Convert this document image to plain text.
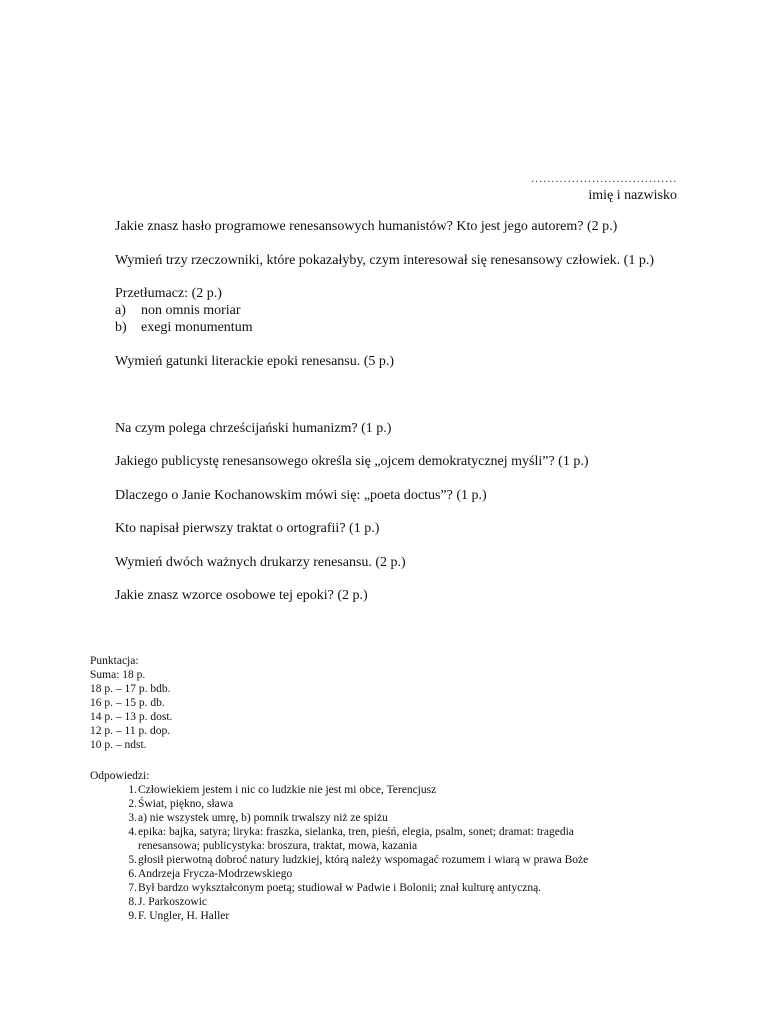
………………………………
imię i nazwisko

Jakie znasz hasło programowe renesansowych humanistów? Kto jest jego autorem? (2 p.)

Wymień trzy rzeczowniki, które pokazałyby, czym interesował się renesansowy człowiek. (1 p.)

Przetłumacz: (2 p.)
a) non omnis moriar
b) exegi monumentum

Wymień gatunki literackie epoki renesansu. (5 p.)

Na czym polega chrześcijański humanizm? (1 p.)

Jakiego publicystę renesansowego określa się „ojcem demokratycznej myśli”? (1 p.)

Dlaczego o Janie Kochanowskim mówi się: „poeta doctus”? (1 p.)

Kto napisał pierwszy traktat o ortografii? (1 p.)

Wymień dwóch ważnych drukarzy renesansu. (2 p.)

Jakie znasz wzorce osobowe tej epoki? (2 p.)

Punktacja:
Suma: 18 p.
18 p. – 17 p. bdb.
16 p. – 15 p. db.
14 p. – 13 p. dost.
12 p. – 11 p. dop.
10 p. – ndst.
Odpowiedzi:
1. Człowiekiem jestem i nic co ludzkie nie jest mi obce, Terencjusz
2. Świat, piękno, sława
3. a) nie wszystek umrę, b) pomnik trwalszy niż ze spiżu
4. epika: bajka, satyra; liryka: fraszka, sielanka, tren, pieśń, elegia, psalm, sonet; dramat: tragedia
renesansowa; publicystyka: broszura, traktat, mowa, kazania
5. głosił pierwotną dobroć natury ludzkiej, którą należy wspomagać rozumem i wiarą w prawa Boże
6. Andrzeja Frycza-Modrzewskiego
7. Był bardzo wykształconym poetą; studiował w Padwie i Bolonii; znał kulturę antyczną.
8. J. Parkoszowic
9. F. Ungler, H. Haller
